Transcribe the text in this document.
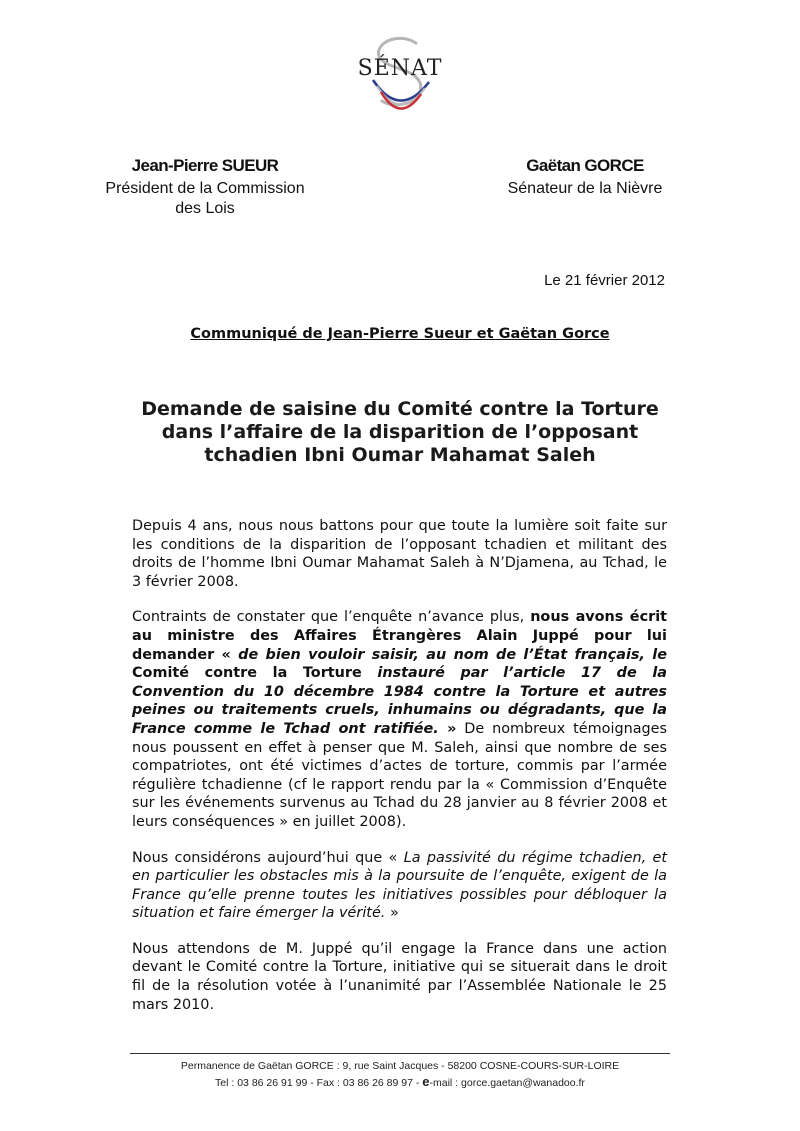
SÉNAT
Jean-Pierre SUEUR
Président de la Commission
des Lois
Gaëtan GORCE
Sénateur de la Nièvre
Le 21 février 2012
Communiqué de Jean-Pierre Sueur et Gaëtan Gorce
Demande de saisine du Comité contre la Torture
dans l’affaire de la disparition de l’opposant
tchadien Ibni Oumar Mahamat Saleh

Depuis 4 ans, nous nous battons pour que toute la lumière soit faite sur les conditions de la disparition de l’opposant tchadien et militant des droits de l’homme Ibni Oumar Mahamat Saleh à N’Djamena, au Tchad, le 3 février 2008.

Contraints de constater que l’enquête n’avance plus, nous avons écrit au ministre des Affaires Étrangères Alain Juppé pour lui demander « de bien vouloir saisir, au nom de l’État français, le Comité contre la Torture instauré par l’article 17 de la Convention du 10 décembre 1984 contre la Torture et autres peines ou traitements cruels, inhumains ou dégradants, que la France comme le Tchad ont ratifiée. » De nombreux témoignages nous poussent en effet à penser que M. Saleh, ainsi que nombre de ses compatriotes, ont été victimes d’actes de torture, commis par l’armée régulière tchadienne (cf le rapport rendu par la « Commission d’Enquête sur les événements survenus au Tchad du 28 janvier au 8 février 2008 et leurs conséquences » en juillet 2008).

Nous considérons aujourd’hui que « La passivité du régime tchadien, et en particulier les obstacles mis à la poursuite de l’enquête, exigent de la France qu’elle prenne toutes les initiatives possibles pour débloquer la situation et faire émerger la vérité. »

Nous attendons de M. Juppé qu’il engage la France dans une action devant le Comité contre la Torture, initiative qui se situerait dans le droit fil de la résolution votée à l’unanimité par l’Assemblée Nationale le 25 mars 2010.

Permanence de Gaëtan GORCE : 9, rue Saint Jacques - 58200 COSNE-COURS-SUR-LOIRE
Tel : 03 86 26 91 99 - Fax : 03 86 26 89 97 - e-mail : gorce.gaetan@wanadoo.fr
